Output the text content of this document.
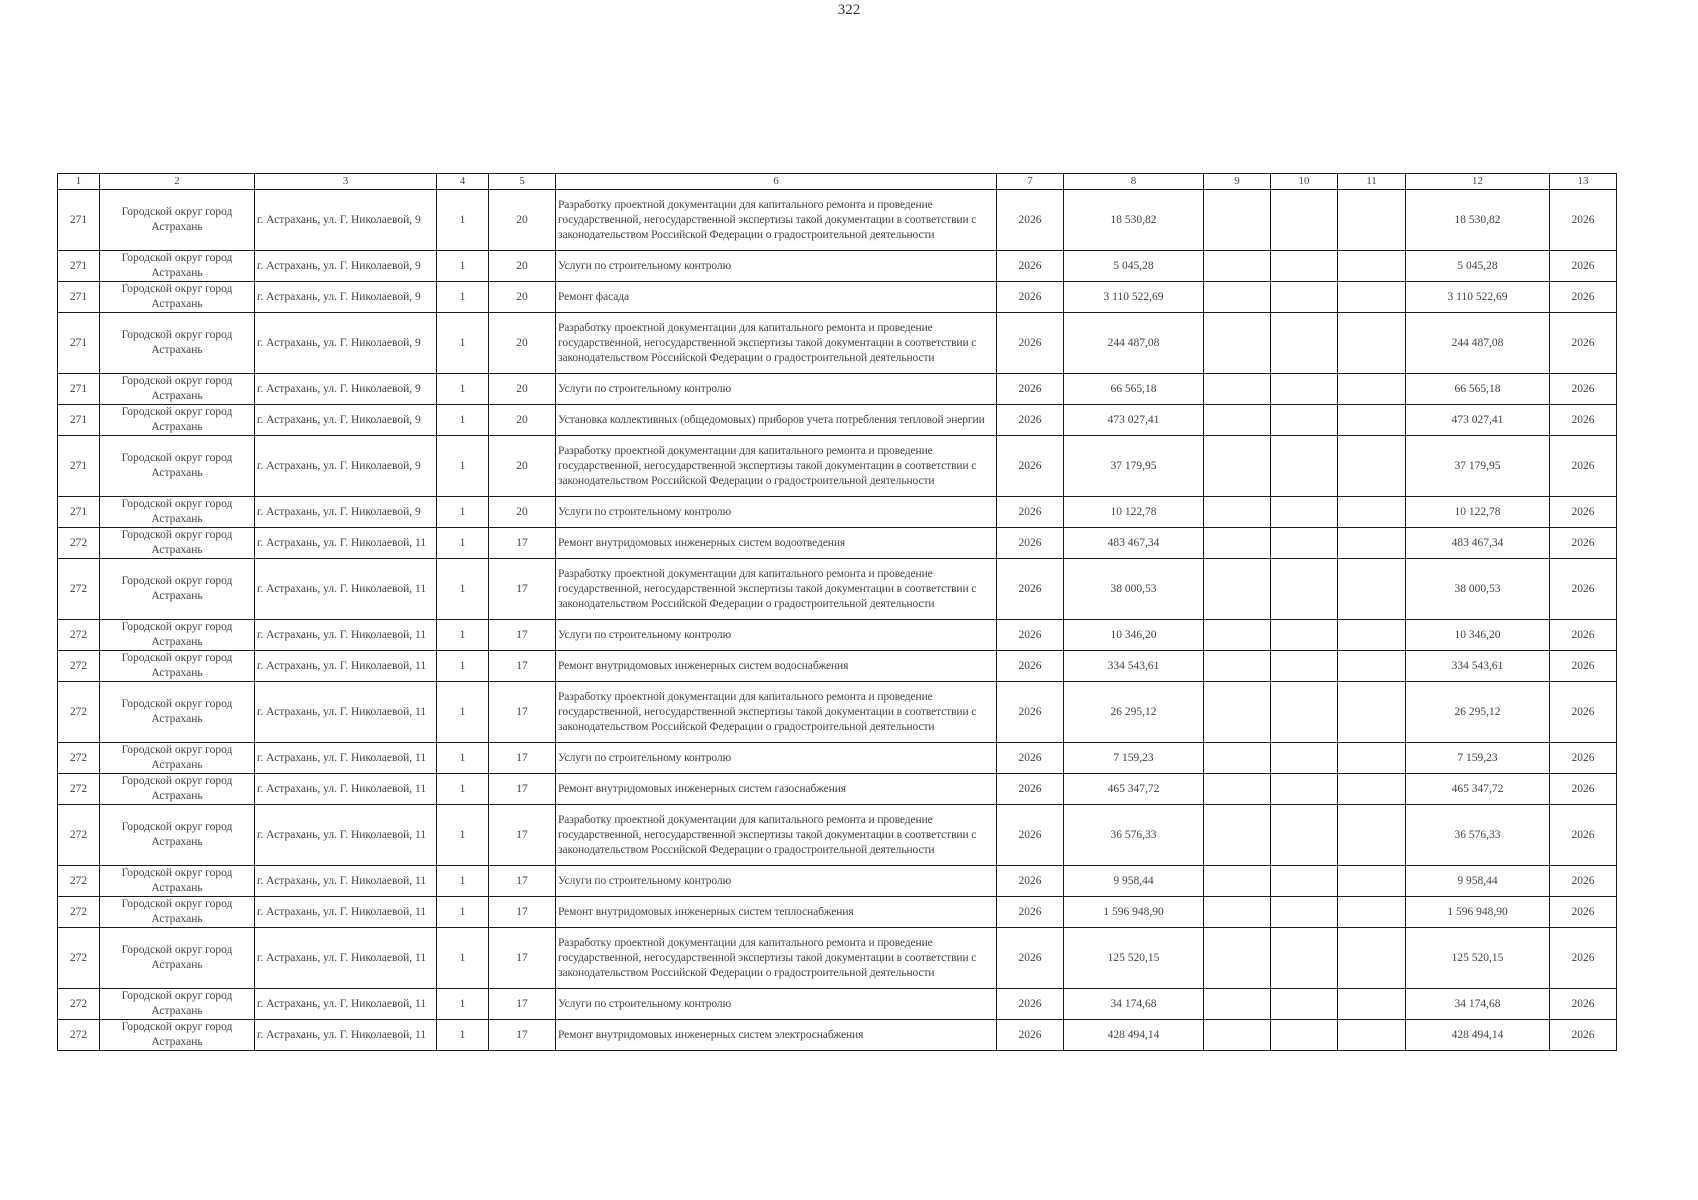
322
1	2	3	4	5	6	7	8	9	10	11	12	13
271	Городской округ город Астрахань	г. Астрахань, ул. Г. Николаевой, 9	1	20	Разработку проектной документации для капитального ремонта и проведение государственной, негосударственной экспертизы такой документации в соответствии с законодательством Российской Федерации о градостроительной деятельности	2026	18 530,82				18 530,82	2026
271	Городской округ город Астрахань	г. Астрахань, ул. Г. Николаевой, 9	1	20	Услуги по строительному контролю	2026	5 045,28				5 045,28	2026
271	Городской округ город Астрахань	г. Астрахань, ул. Г. Николаевой, 9	1	20	Ремонт фасада	2026	3 110 522,69				3 110 522,69	2026
271	Городской округ город Астрахань	г. Астрахань, ул. Г. Николаевой, 9	1	20	Разработку проектной документации для капитального ремонта и проведение государственной, негосударственной экспертизы такой документации в соответствии с законодательством Российской Федерации о градостроительной деятельности	2026	244 487,08				244 487,08	2026
271	Городской округ город Астрахань	г. Астрахань, ул. Г. Николаевой, 9	1	20	Услуги по строительному контролю	2026	66 565,18				66 565,18	2026
271	Городской округ город Астрахань	г. Астрахань, ул. Г. Николаевой, 9	1	20	Установка коллективных (общедомовых) приборов учета потребления тепловой энергии	2026	473 027,41				473 027,41	2026
271	Городской округ город Астрахань	г. Астрахань, ул. Г. Николаевой, 9	1	20	Разработку проектной документации для капитального ремонта и проведение государственной, негосударственной экспертизы такой документации в соответствии с законодательством Российской Федерации о градостроительной деятельности	2026	37 179,95				37 179,95	2026
271	Городской округ город Астрахань	г. Астрахань, ул. Г. Николаевой, 9	1	20	Услуги по строительному контролю	2026	10 122,78				10 122,78	2026
272	Городской округ город Астрахань	г. Астрахань, ул. Г. Николаевой, 11	1	17	Ремонт внутридомовых инженерных систем водоотведения	2026	483 467,34				483 467,34	2026
272	Городской округ город Астрахань	г. Астрахань, ул. Г. Николаевой, 11	1	17	Разработку проектной документации для капитального ремонта и проведение государственной, негосударственной экспертизы такой документации в соответствии с законодательством Российской Федерации о градостроительной деятельности	2026	38 000,53				38 000,53	2026
272	Городской округ город Астрахань	г. Астрахань, ул. Г. Николаевой, 11	1	17	Услуги по строительному контролю	2026	10 346,20				10 346,20	2026
272	Городской округ город Астрахань	г. Астрахань, ул. Г. Николаевой, 11	1	17	Ремонт внутридомовых инженерных систем водоснабжения	2026	334 543,61				334 543,61	2026
272	Городской округ город Астрахань	г. Астрахань, ул. Г. Николаевой, 11	1	17	Разработку проектной документации для капитального ремонта и проведение государственной, негосударственной экспертизы такой документации в соответствии с законодательством Российской Федерации о градостроительной деятельности	2026	26 295,12				26 295,12	2026
272	Городской округ город Астрахань	г. Астрахань, ул. Г. Николаевой, 11	1	17	Услуги по строительному контролю	2026	7 159,23				7 159,23	2026
272	Городской округ город Астрахань	г. Астрахань, ул. Г. Николаевой, 11	1	17	Ремонт внутридомовых инженерных систем газоснабжения	2026	465 347,72				465 347,72	2026
272	Городской округ город Астрахань	г. Астрахань, ул. Г. Николаевой, 11	1	17	Разработку проектной документации для капитального ремонта и проведение государственной, негосударственной экспертизы такой документации в соответствии с законодательством Российской Федерации о градостроительной деятельности	2026	36 576,33				36 576,33	2026
272	Городской округ город Астрахань	г. Астрахань, ул. Г. Николаевой, 11	1	17	Услуги по строительному контролю	2026	9 958,44				9 958,44	2026
272	Городской округ город Астрахань	г. Астрахань, ул. Г. Николаевой, 11	1	17	Ремонт внутридомовых инженерных систем теплоснабжения	2026	1 596 948,90				1 596 948,90	2026
272	Городской округ город Астрахань	г. Астрахань, ул. Г. Николаевой, 11	1	17	Разработку проектной документации для капитального ремонта и проведение государственной, негосударственной экспертизы такой документации в соответствии с законодательством Российской Федерации о градостроительной деятельности	2026	125 520,15				125 520,15	2026
272	Городской округ город Астрахань	г. Астрахань, ул. Г. Николаевой, 11	1	17	Услуги по строительному контролю	2026	34 174,68				34 174,68	2026
272	Городской округ город Астрахань	г. Астрахань, ул. Г. Николаевой, 11	1	17	Ремонт внутридомовых инженерных систем электроснабжения	2026	428 494,14				428 494,14	2026
